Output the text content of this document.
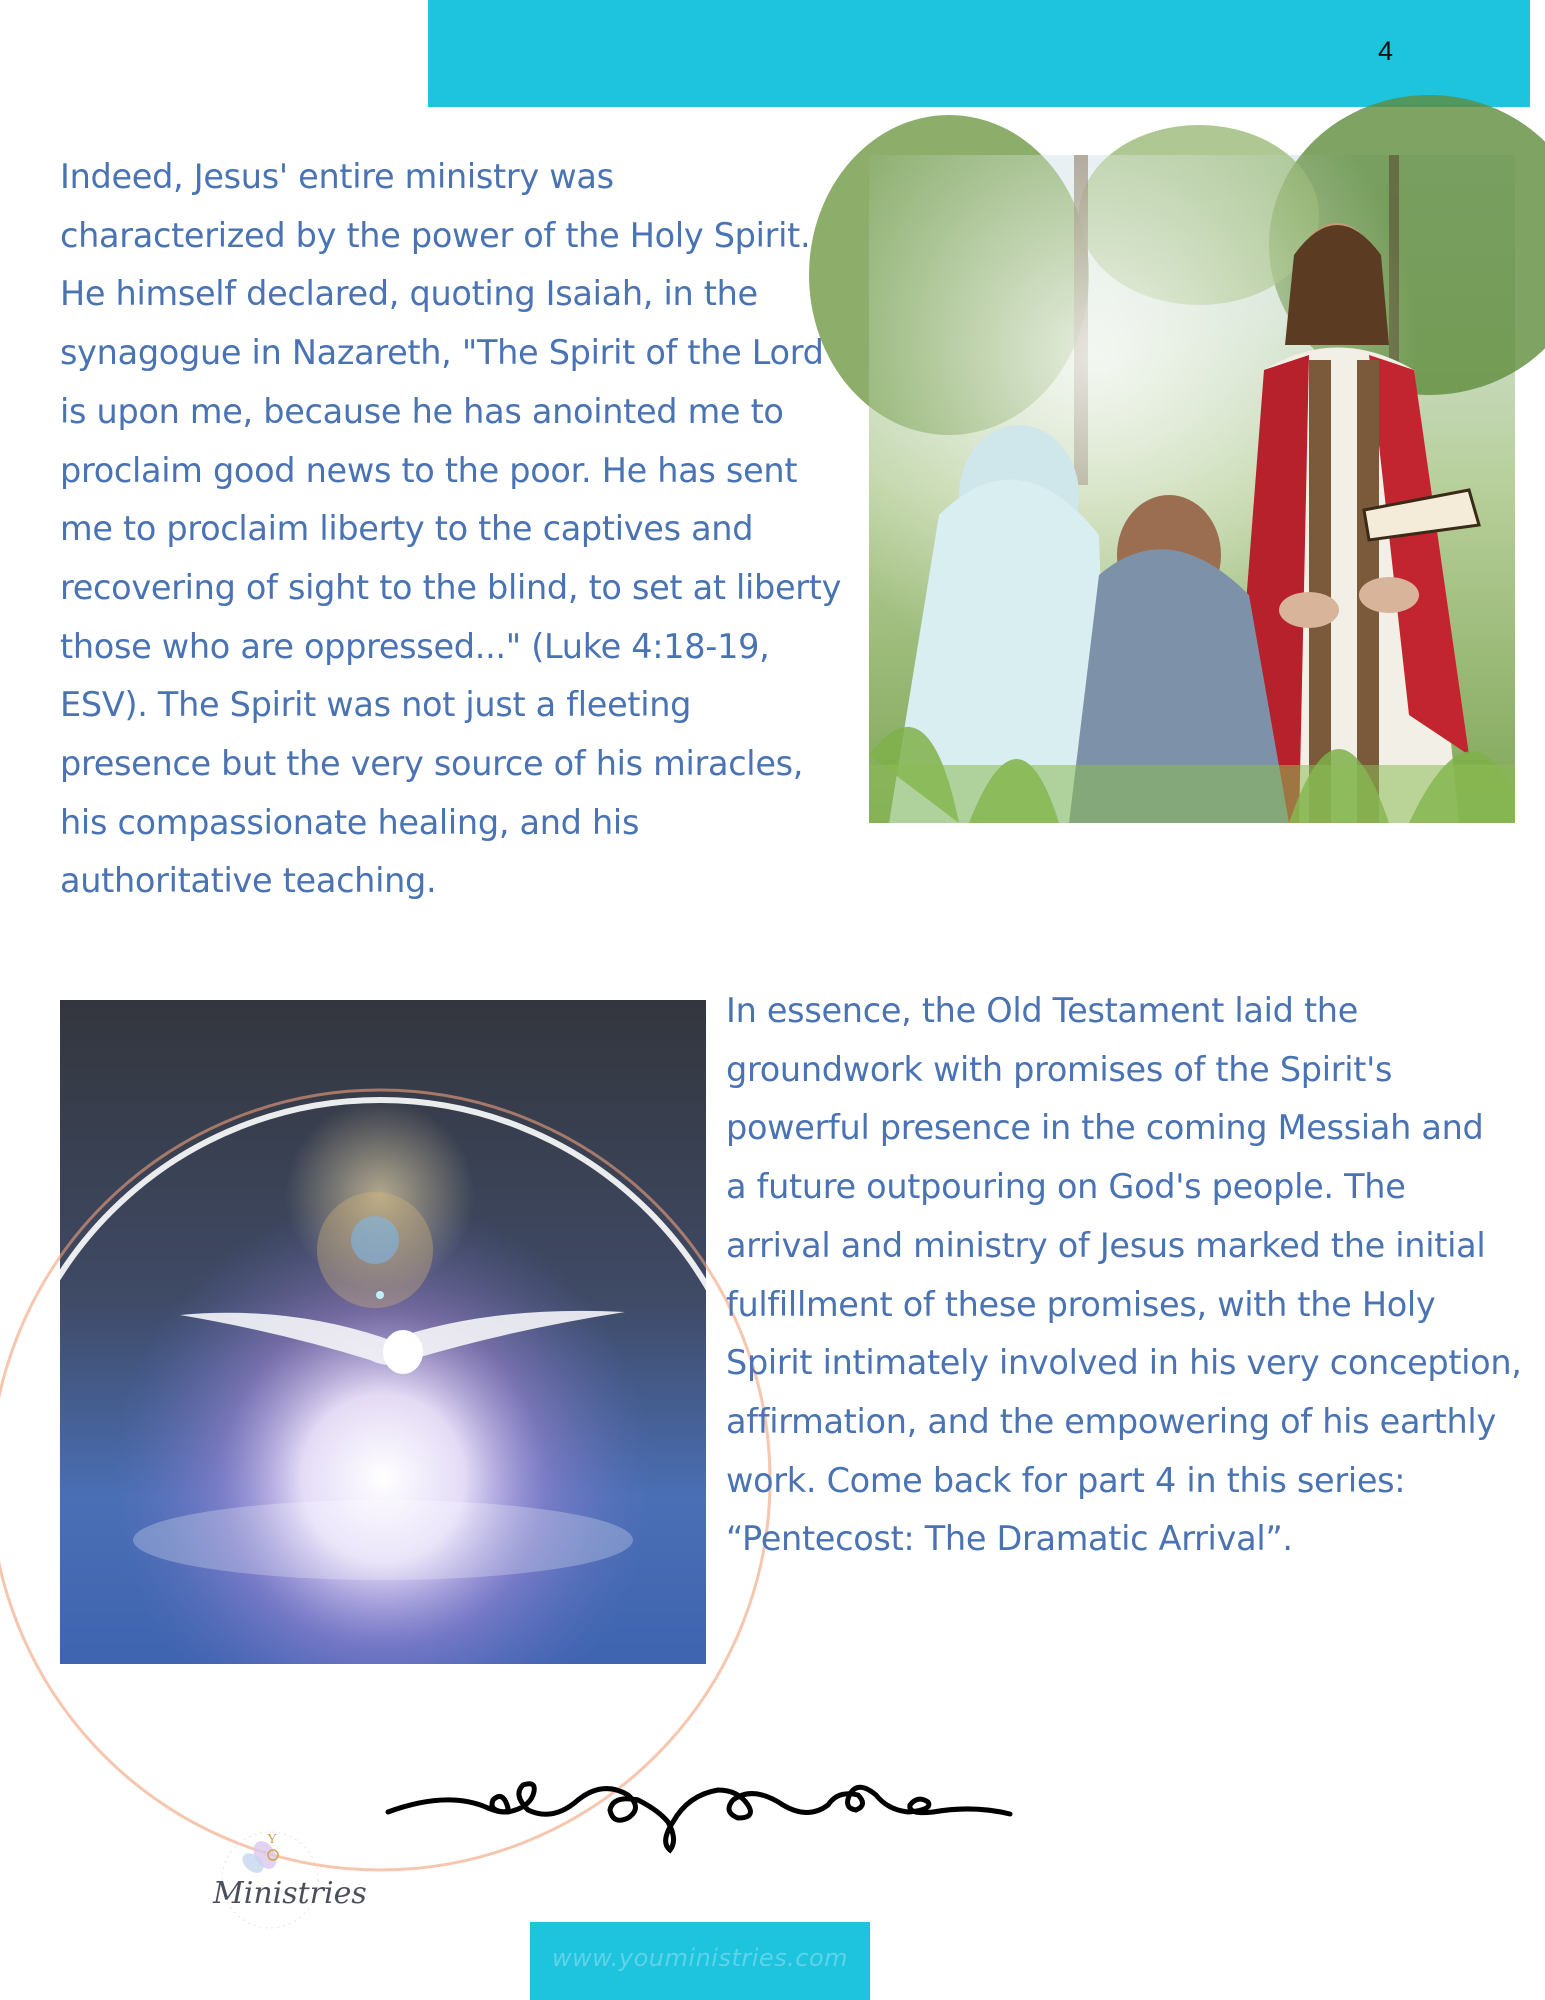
4
Indeed, Jesus' entire ministry was
characterized by the power of the Holy Spirit.
He himself declared, quoting Isaiah, in the
synagogue in Nazareth, "The Spirit of the Lord
is upon me, because he has anointed me to
proclaim good news to the poor. He has sent
me to proclaim liberty to the captives and
recovering of sight to the blind, to set at liberty
those who are oppressed..." (Luke 4:18-19,
ESV). The Spirit was not just a fleeting
presence but the very source of his miracles,
his compassionate healing, and his
authoritative teaching.
In essence, the Old Testament laid the
groundwork with promises of the Spirit's
powerful presence in the coming Messiah and
a future outpouring on God's people. The
arrival and ministry of Jesus marked the initial
fulfillment of these promises, with the Holy
Spirit intimately involved in his very conception,
affirmation, and the empowering of his earthly
work. Come back for part 4 in this series:
“Pentecost: The Dramatic Arrival”.
Y
Ministries
www.youministries.com
